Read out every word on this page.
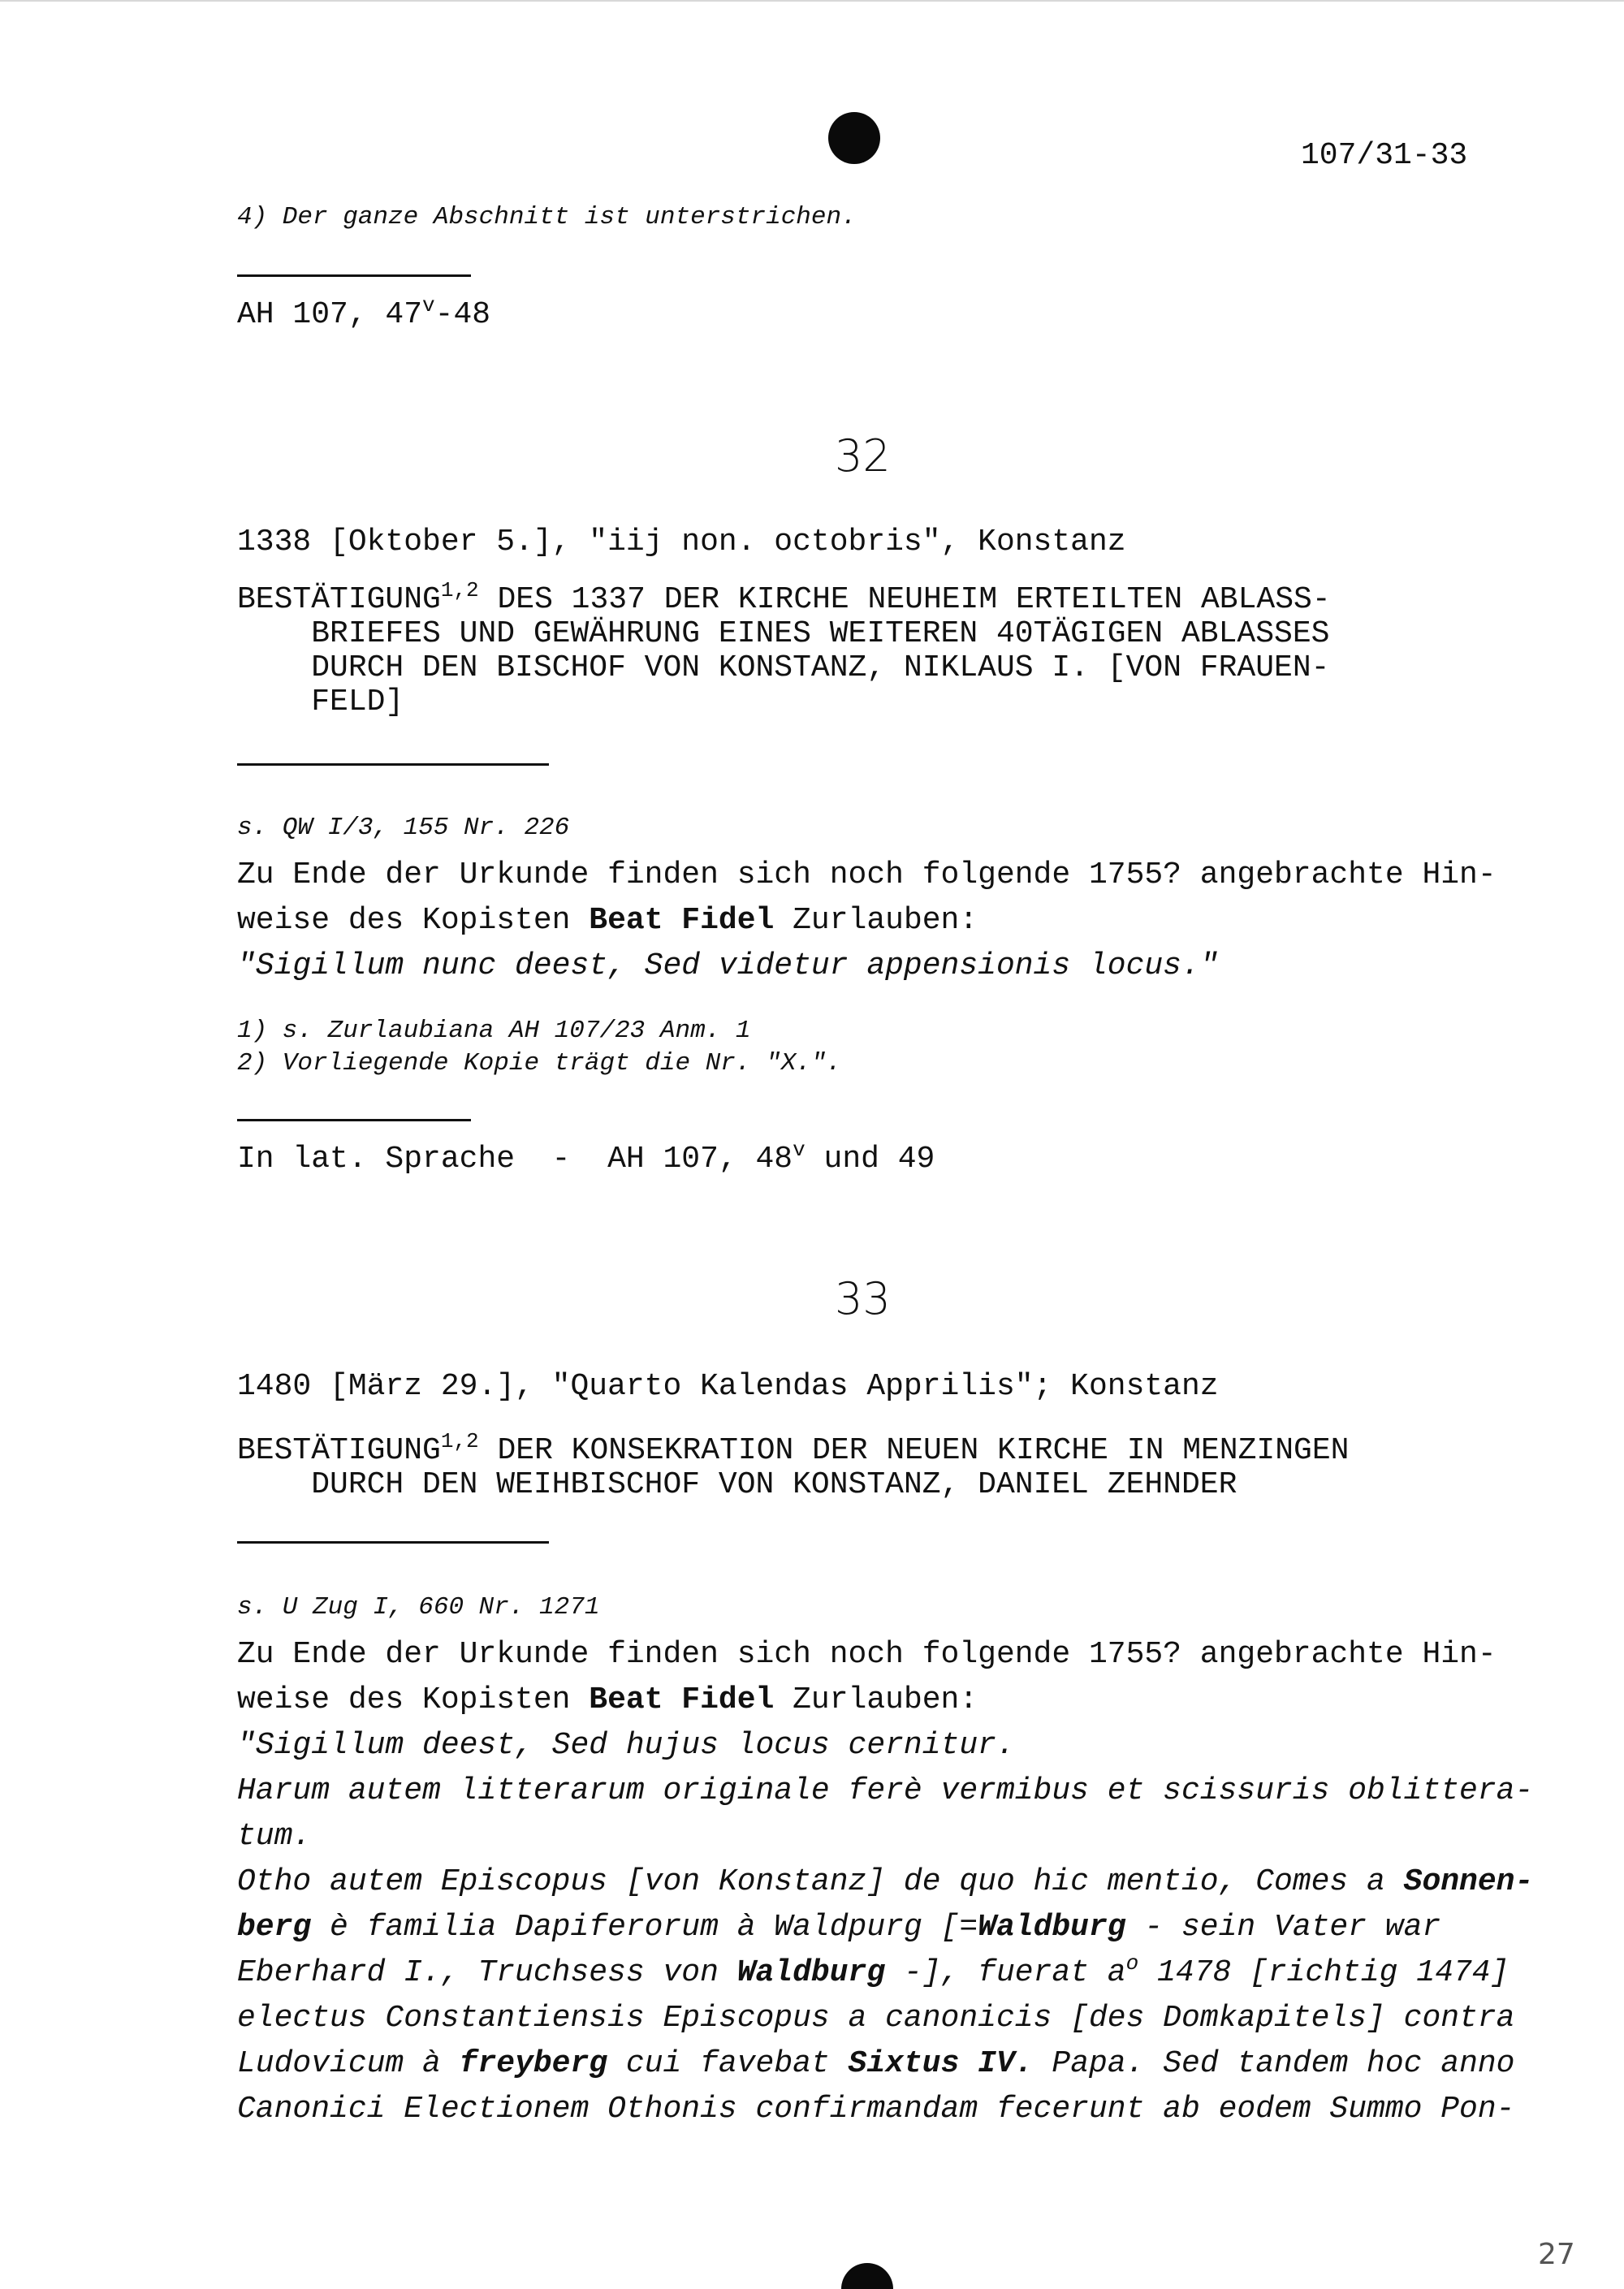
107/31-33
4) Der ganze Abschnitt ist unterstrichen.
AH 107, 47$^v$-48
32
1338 [Oktober 5.], "iij non. octobris", Konstanz
BESTÄTIGUNG$^{1,2}$ DES 1337 DER KIRCHE NEUHEIM ERTEILTEN ABLASS-
BRIEFES UND GEWÄHRUNG EINES WEITEREN 40TÄGIGEN ABLASSES
DURCH DEN BISCHOF VON KONSTANZ, NIKLAUS I. [VON FRAUEN-
FELD]
s. QW I/3, 155 Nr. 226
Zu Ende der Urkunde finden sich noch folgende 1755? angebrachte Hin-
weise des Kopisten Beat Fidel Zurlauben:
"Sigillum nunc deest, Sed videtur appensionis locus."
1) s. Zurlaubiana AH 107/23 Anm. 1
2) Vorliegende Kopie trägt die Nr. "X.".
In lat. Sprache  -  AH 107, 48$^v$ und 49
33
1480 [März 29.], "Quarto Kalendas Apprilis"; Konstanz
BESTÄTIGUNG$^{1,2}$ DER KONSEKRATION DER NEUEN KIRCHE IN MENZINGEN
DURCH DEN WEIHBISCHOF VON KONSTANZ, DANIEL ZEHNDER
s. U Zug I, 660 Nr. 1271
Zu Ende der Urkunde finden sich noch folgende 1755? angebrachte Hin-
weise des Kopisten Beat Fidel Zurlauben:
"Sigillum deest, Sed hujus locus cernitur.
Harum autem litterarum originale ferè vermibus et scissuris oblittera-
tum.
Otho autem Episcopus [von Konstanz] de quo hic mentio, Comes a Sonnen-
berg è familia Dapiferorum à Waldpurg [=Waldburg - sein Vater war
Eberhard I., Truchsess von Waldburg -], fuerat $a^o$ 1478 [richtig 1474]
electus Constantiensis Episcopus a canonicis [des Domkapitels] contra
Ludovicum à freyberg cui favebat Sixtus IV. Papa. Sed tandem hoc anno
Canonici Electionem Othonis confirmandam fecerunt ab eodem Summo Pon-
27
